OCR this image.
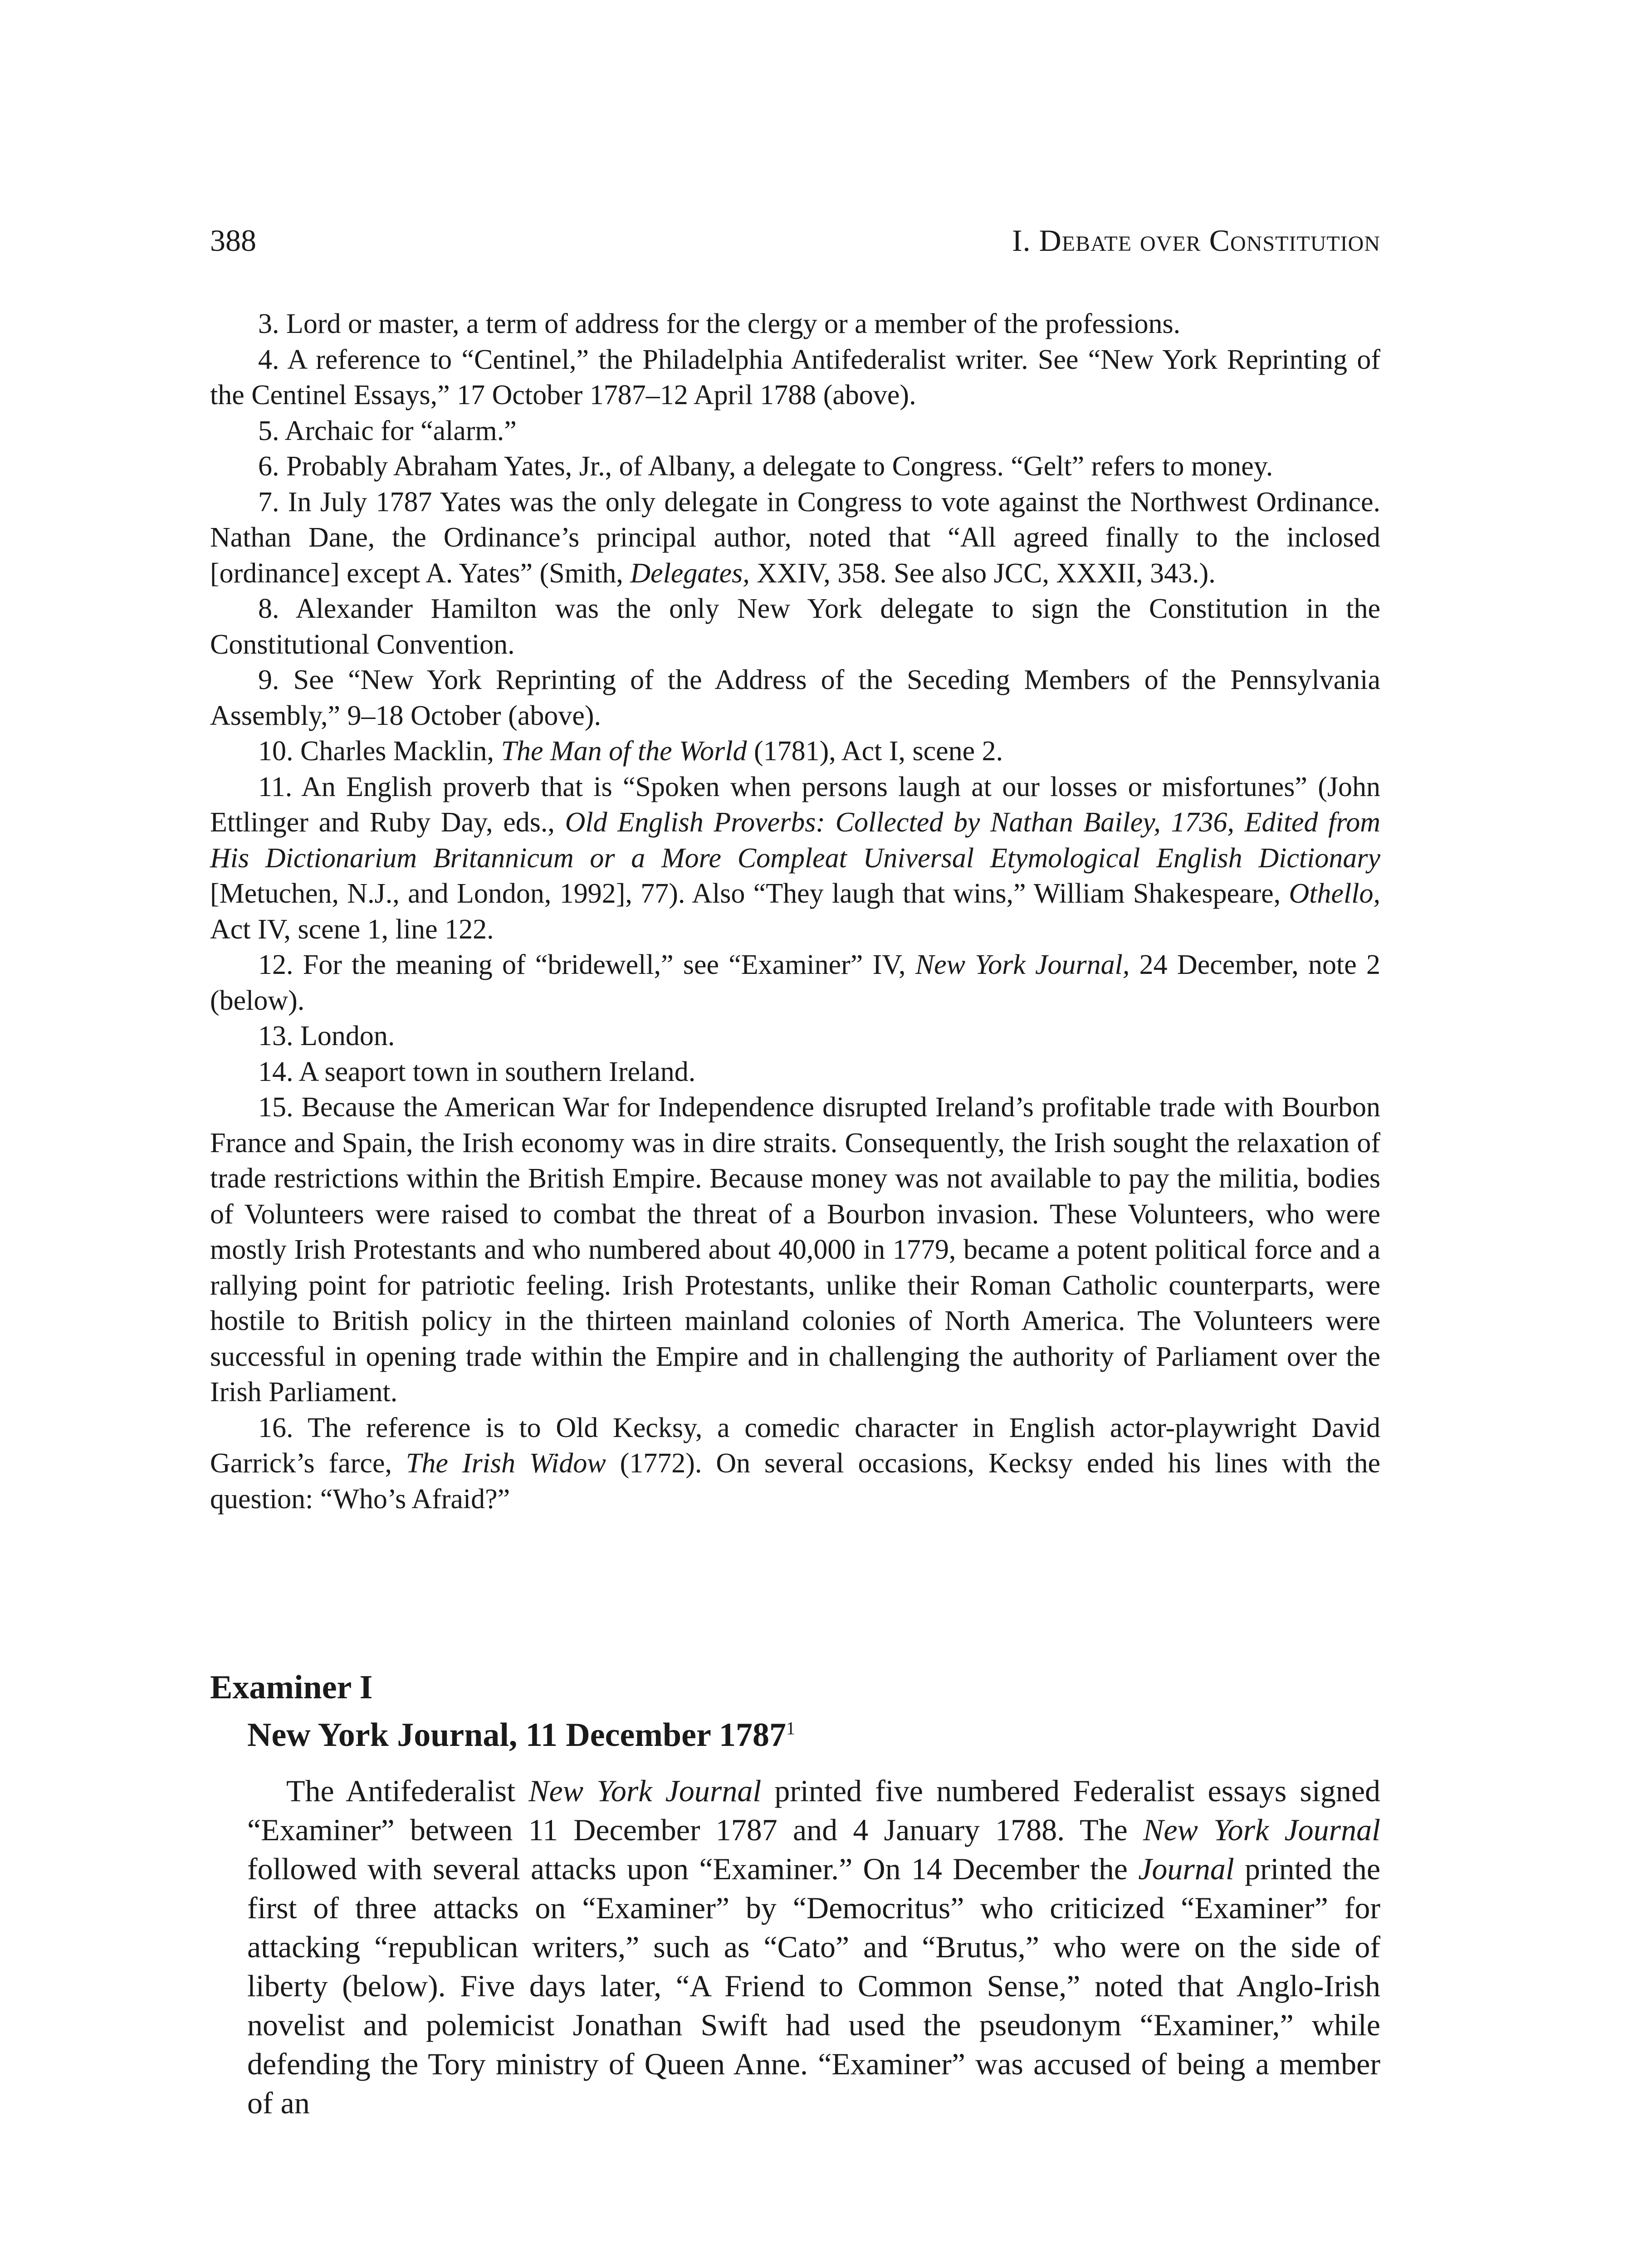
388	I. Debate over Constitution

3. Lord or master, a term of address for the clergy or a member of the professions.

4. A reference to “Centinel,” the Philadelphia Antifederalist writer. See “New York Reprinting of the Centinel Essays,” 17 October 1787–12 April 1788 (above).

5. Archaic for “alarm.”

6. Probably Abraham Yates, Jr., of Albany, a delegate to Congress. “Gelt” refers to money.

7. In July 1787 Yates was the only delegate in Congress to vote against the Northwest Ordinance. Nathan Dane, the Ordinance’s principal author, noted that “All agreed finally to the inclosed [ordinance] except A. Yates” (Smith, Delegates, XXIV, 358. See also JCC, XXXII, 343.).

8. Alexander Hamilton was the only New York delegate to sign the Constitution in the Constitutional Convention.

9. See “New York Reprinting of the Address of the Seceding Members of the Pennsylvania Assembly,” 9–18 October (above).

10. Charles Macklin, The Man of the World (1781), Act I, scene 2.

11. An English proverb that is “Spoken when persons laugh at our losses or misfortunes” (John Ettlinger and Ruby Day, eds., Old English Proverbs: Collected by Nathan Bailey, 1736, Edited from His Dictionarium Britannicum or a More Compleat Universal Etymological English Dictionary [Metuchen, N.J., and London, 1992], 77). Also “They laugh that wins,” William Shakespeare, Othello, Act IV, scene 1, line 122.

12. For the meaning of “bridewell,” see “Examiner” IV, New York Journal, 24 December, note 2 (below).

13. London.

14. A seaport town in southern Ireland.

15. Because the American War for Independence disrupted Ireland’s profitable trade with Bourbon France and Spain, the Irish economy was in dire straits. Consequently, the Irish sought the relaxation of trade restrictions within the British Empire. Because money was not available to pay the militia, bodies of Volunteers were raised to combat the threat of a Bourbon invasion. These Volunteers, who were mostly Irish Protestants and who numbered about 40,000 in 1779, became a potent political force and a rallying point for patriotic feeling. Irish Protestants, unlike their Roman Catholic counterparts, were hostile to British policy in the thirteen mainland colonies of North America. The Volunteers were successful in opening trade within the Empire and in challenging the authority of Parliament over the Irish Parliament.

16. The reference is to Old Kecksy, a comedic character in English actor-playwright David Garrick’s farce, The Irish Widow (1772). On several occasions, Kecksy ended his lines with the question: “Who’s Afraid?”

Examiner I
New York Journal, 11 December 1787$^1$

The Antifederalist New York Journal printed five numbered Federalist essays signed “Examiner” between 11 December 1787 and 4 January 1788. The New York Journal followed with several attacks upon “Examiner.” On 14 December the Journal printed the first of three attacks on “Examiner” by “Democritus” who criticized “Examiner” for attacking “republican writers,” such as “Cato” and “Brutus,” who were on the side of liberty (below). Five days later, “A Friend to Common Sense,” noted that Anglo-Irish novelist and polemicist Jonathan Swift had used the pseudonym “Examiner,” while defending the Tory ministry of Queen Anne. “Examiner” was accused of being a member of an
